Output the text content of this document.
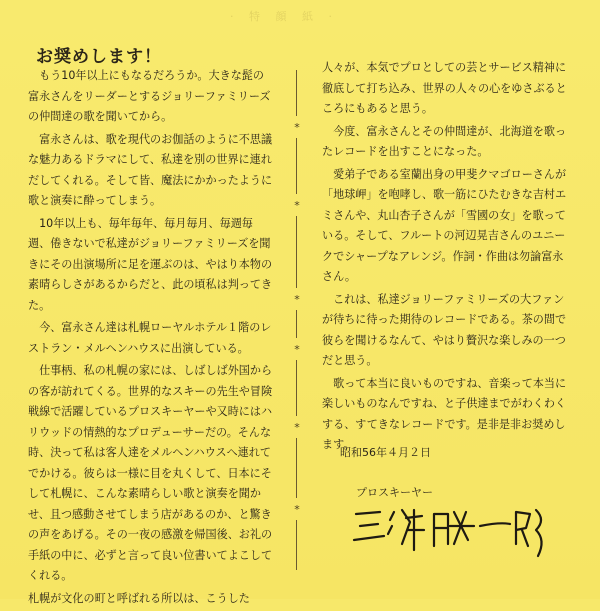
· 特 顔 紙 ·
お奨めします！

もう10年以上にもなるだろうか。大きな髭の富永さんをリーダーとするジョリーファミリーズの仲間達の歌を聞いてから。

富永さんは、歌を現代のお伽話のように不思議な魅力あるドラマにして、私達を別の世界に連れだしてくれる。そして皆、魔法にかかったように歌と演奏に酔ってしまう。

10年以上も、毎年毎年、毎月毎月、毎週毎週、倦きないで私達がジョリーファミリーズを聞きにその出演場所に足を運ぶのは、やはり本物の素晴らしさがあるからだと、此の頃私は判ってきた。

今、富永さん達は札幌ローヤルホテル１階のレストラン・メルヘンハウスに出演している。

仕事柄、私の札幌の家には、しばしば外国からの客が訪れてくる。世界的なスキーの先生や冒険戦線で活躍しているプロスキーヤーや又時にはハリウッドの情熱的なプロデューサーだの。そんな時、決って私は客人達をメルヘンハウスへ連れてでかける。彼らは一様に目を丸くして、日本にそして札幌に、こんな素晴らしい歌と演奏を聞かせ、且つ感動させてしまう店があるのか、と驚きの声をあげる。その一夜の感激を帰国後、お礼の手紙の中に、必ずと言って良い位書いてよこしてくれる。

札幌が文化の町と呼ばれる所以は、こうした

*
*
*
*
*
*

人々が、本気でプロとしての芸とサービス精神に徹底して打ち込み、世界の人々の心をゆさぶるところにもあると思う。

今度、富永さんとその仲間達が、北海道を歌ったレコードを出すことになった。

愛弟子である室蘭出身の甲斐クマゴローさんが「地球岬」を咆哮し、歌一筋にひたむきな吉村エミさんや、丸山杏子さんが「雪國の女」を歌っている。そして、フルートの河辺晃吉さんのユニークでシャープなアレンジ。作詞・作曲は勿論富永さん。

これは、私達ジョリーファミリーズの大ファンが待ちに待った期待のレコードである。茶の間で彼らを聞けるなんて、やはり贅沢な楽しみの一つだと思う。

歌って本当に良いものですね、音楽って本当に楽しいものなんですね、と子供達までがわくわくする、すてきなレコードです。是非是非お奨めします。

昭和56年４月２日
プロスキーヤー
